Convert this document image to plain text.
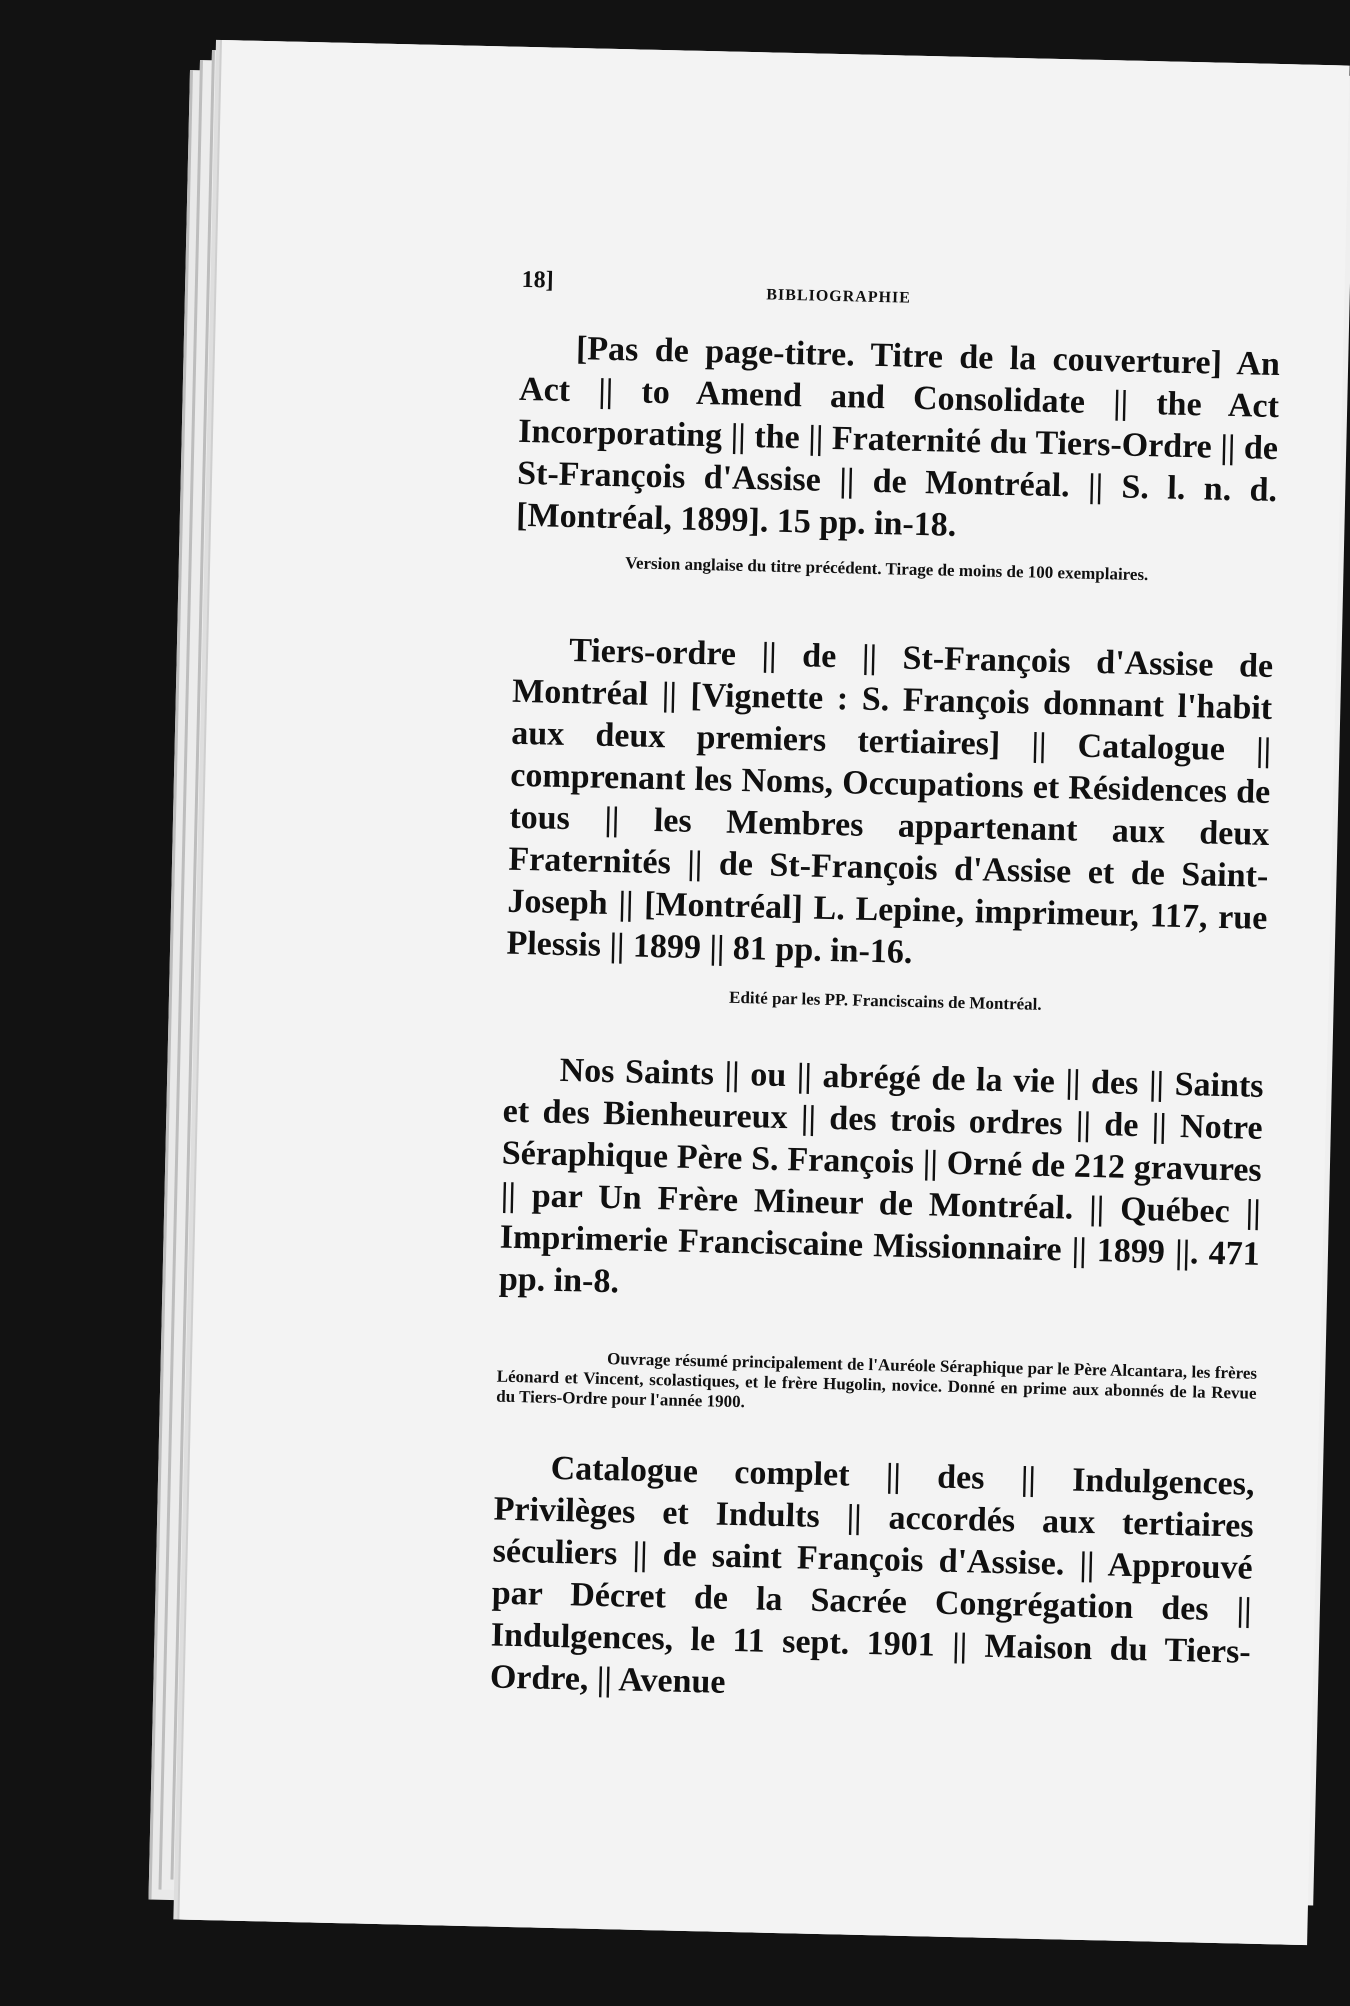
18]
BIBLIOGRAPHIE

[Pas de page-titre. Titre de la couverture] An Act || to Amend and Consolidate || the Act Incorporating || the || Fraternité du Tiers-Ordre || de St-François d'Assise || de Montréal. || S. l. n. d. [Montréal, 1899]. 15 pp. in-18.

Version anglaise du titre précédent. Tirage de moins de 100 exemplaires.

Tiers-ordre || de || St-François d'Assise de Montréal || [Vignette : S. François donnant l'habit aux deux premiers tertiaires] || Catalogue || comprenant les Noms, Occupations et Résidences de tous || les Membres appartenant aux deux Fraternités || de St-François d'Assise et de Saint-Joseph || [Montréal] L. Lepine, imprimeur, 117, rue Plessis || 1899 || 81 pp. in-16.

Edité par les PP. Franciscains de Montréal.

Nos Saints || ou || abrégé de la vie || des || Saints et des Bienheureux || des trois ordres || de || Notre Séraphique Père S. François || Orné de 212 gravures || par Un Frère Mineur de Montréal. || Québec || Imprimerie Franciscaine Missionnaire || 1899 ||. 471 pp. in-8.

Ouvrage résumé principalement de l'Auréole Séraphique par le Père Alcantara, les frères Léonard et Vincent, scolastiques, et le frère Hugolin, novice. Donné en prime aux abonnés de la Revue du Tiers-Ordre pour l'année 1900.

Catalogue complet || des || Indulgences, Privilèges et Indults || accordés aux tertiaires séculiers || de saint François d'Assise. || Approuvé par Décret de la Sacrée Congrégation des || Indulgences, le 11 sept. 1901 || Maison du Tiers-Ordre, || Avenue
